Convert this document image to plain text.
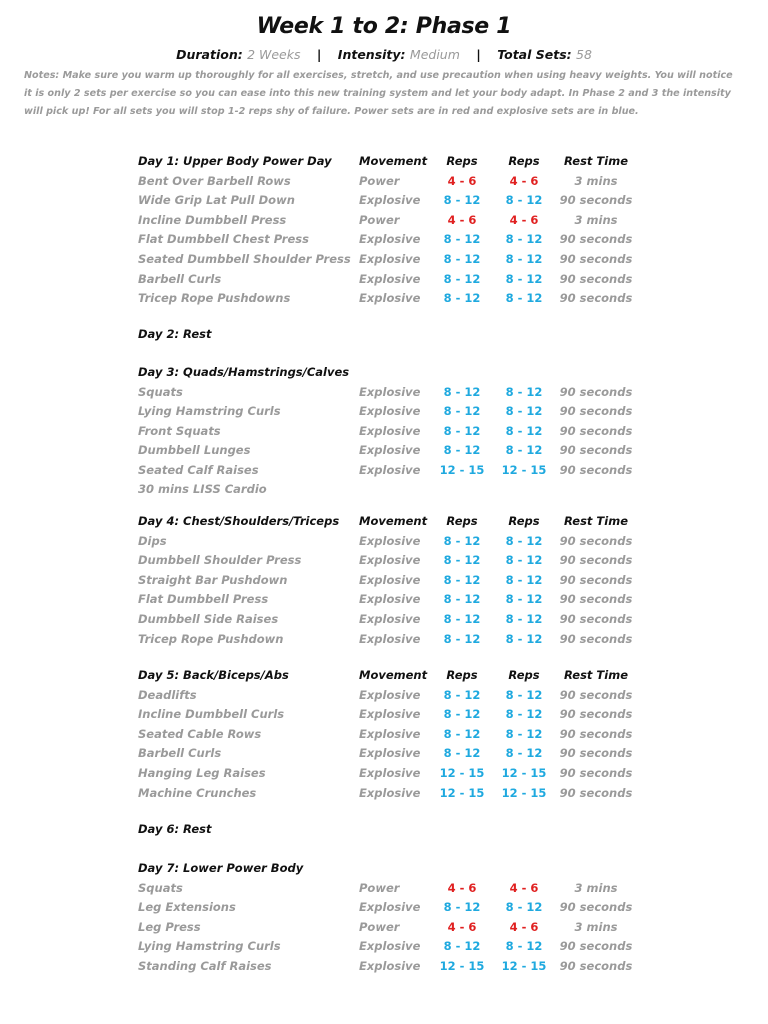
Week 1 to 2: Phase 1
Duration: 2 Weeks | Intensity: Medium | Total Sets: 58
Notes: Make sure you warm up thoroughly for all exercises, stretch, and use precaution when using heavy weights. You will notice
it is only 2 sets per exercise so you can ease into this new training system and let your body adapt. In Phase 2 and 3 the intensity
will pick up! For all sets you will stop 1-2 reps shy of failure. Power sets are in red and explosive sets are in blue.
Day 1: Upper Body Power Day Movement	Reps	Reps	Rest Time
Bent Over Barbell Rows	Power	4 - 6	4 - 6	3 mins
Wide Grip Lat Pull Down	Explosive	8 - 12	8 - 12	90 seconds
Incline Dumbbell Press	Power	4 - 6	4 - 6	3 mins
Flat Dumbbell Chest Press	Explosive	8 - 12	8 - 12	90 seconds
Seated Dumbbell Shoulder Press Explosive	8 - 12	8 - 12	90 seconds
Barbell Curls	Explosive	8 - 12	8 - 12	90 seconds
Tricep Rope Pushdowns	Explosive	8 - 12	8 - 12	90 seconds
Day 2: Rest
Day 3: Quads/Hamstrings/Calves
Squats	Explosive	8 - 12	8 - 12	90 seconds
Lying Hamstring Curls	Explosive	8 - 12	8 - 12	90 seconds
Front Squats	Explosive	8 - 12	8 - 12	90 seconds
Dumbbell Lunges	Explosive	8 - 12	8 - 12	90 seconds
Seated Calf Raises	Explosive	12 - 15	12 - 15	90 seconds
30 mins LISS Cardio
Day 4: Chest/Shoulders/Triceps Movement	Reps	Reps	Rest Time
Dips	Explosive	8 - 12	8 - 12	90 seconds
Dumbbell Shoulder Press	Explosive	8 - 12	8 - 12	90 seconds
Straight Bar Pushdown	Explosive	8 - 12	8 - 12	90 seconds
Flat Dumbbell Press	Explosive	8 - 12	8 - 12	90 seconds
Dumbbell Side Raises	Explosive	8 - 12	8 - 12	90 seconds
Tricep Rope Pushdown	Explosive	8 - 12	8 - 12	90 seconds
Day 5: Back/Biceps/Abs	Movement	Reps	Reps	Rest Time
Deadlifts	Explosive	8 - 12	8 - 12	90 seconds
Incline Dumbbell Curls	Explosive	8 - 12	8 - 12	90 seconds
Seated Cable Rows	Explosive	8 - 12	8 - 12	90 seconds
Barbell Curls	Explosive	8 - 12	8 - 12	90 seconds
Hanging Leg Raises	Explosive	12 - 15	12 - 15	90 seconds
Machine Crunches	Explosive	12 - 15	12 - 15	90 seconds
Day 6: Rest
Day 7: Lower Power Body
Squats	Power	4 - 6	4 - 6	3 mins
Leg Extensions	Explosive	8 - 12	8 - 12	90 seconds
Leg Press	Power	4 - 6	4 - 6	3 mins
Lying Hamstring Curls	Explosive	8 - 12	8 - 12	90 seconds
Standing Calf Raises	Explosive	12 - 15	12 - 15	90 seconds
